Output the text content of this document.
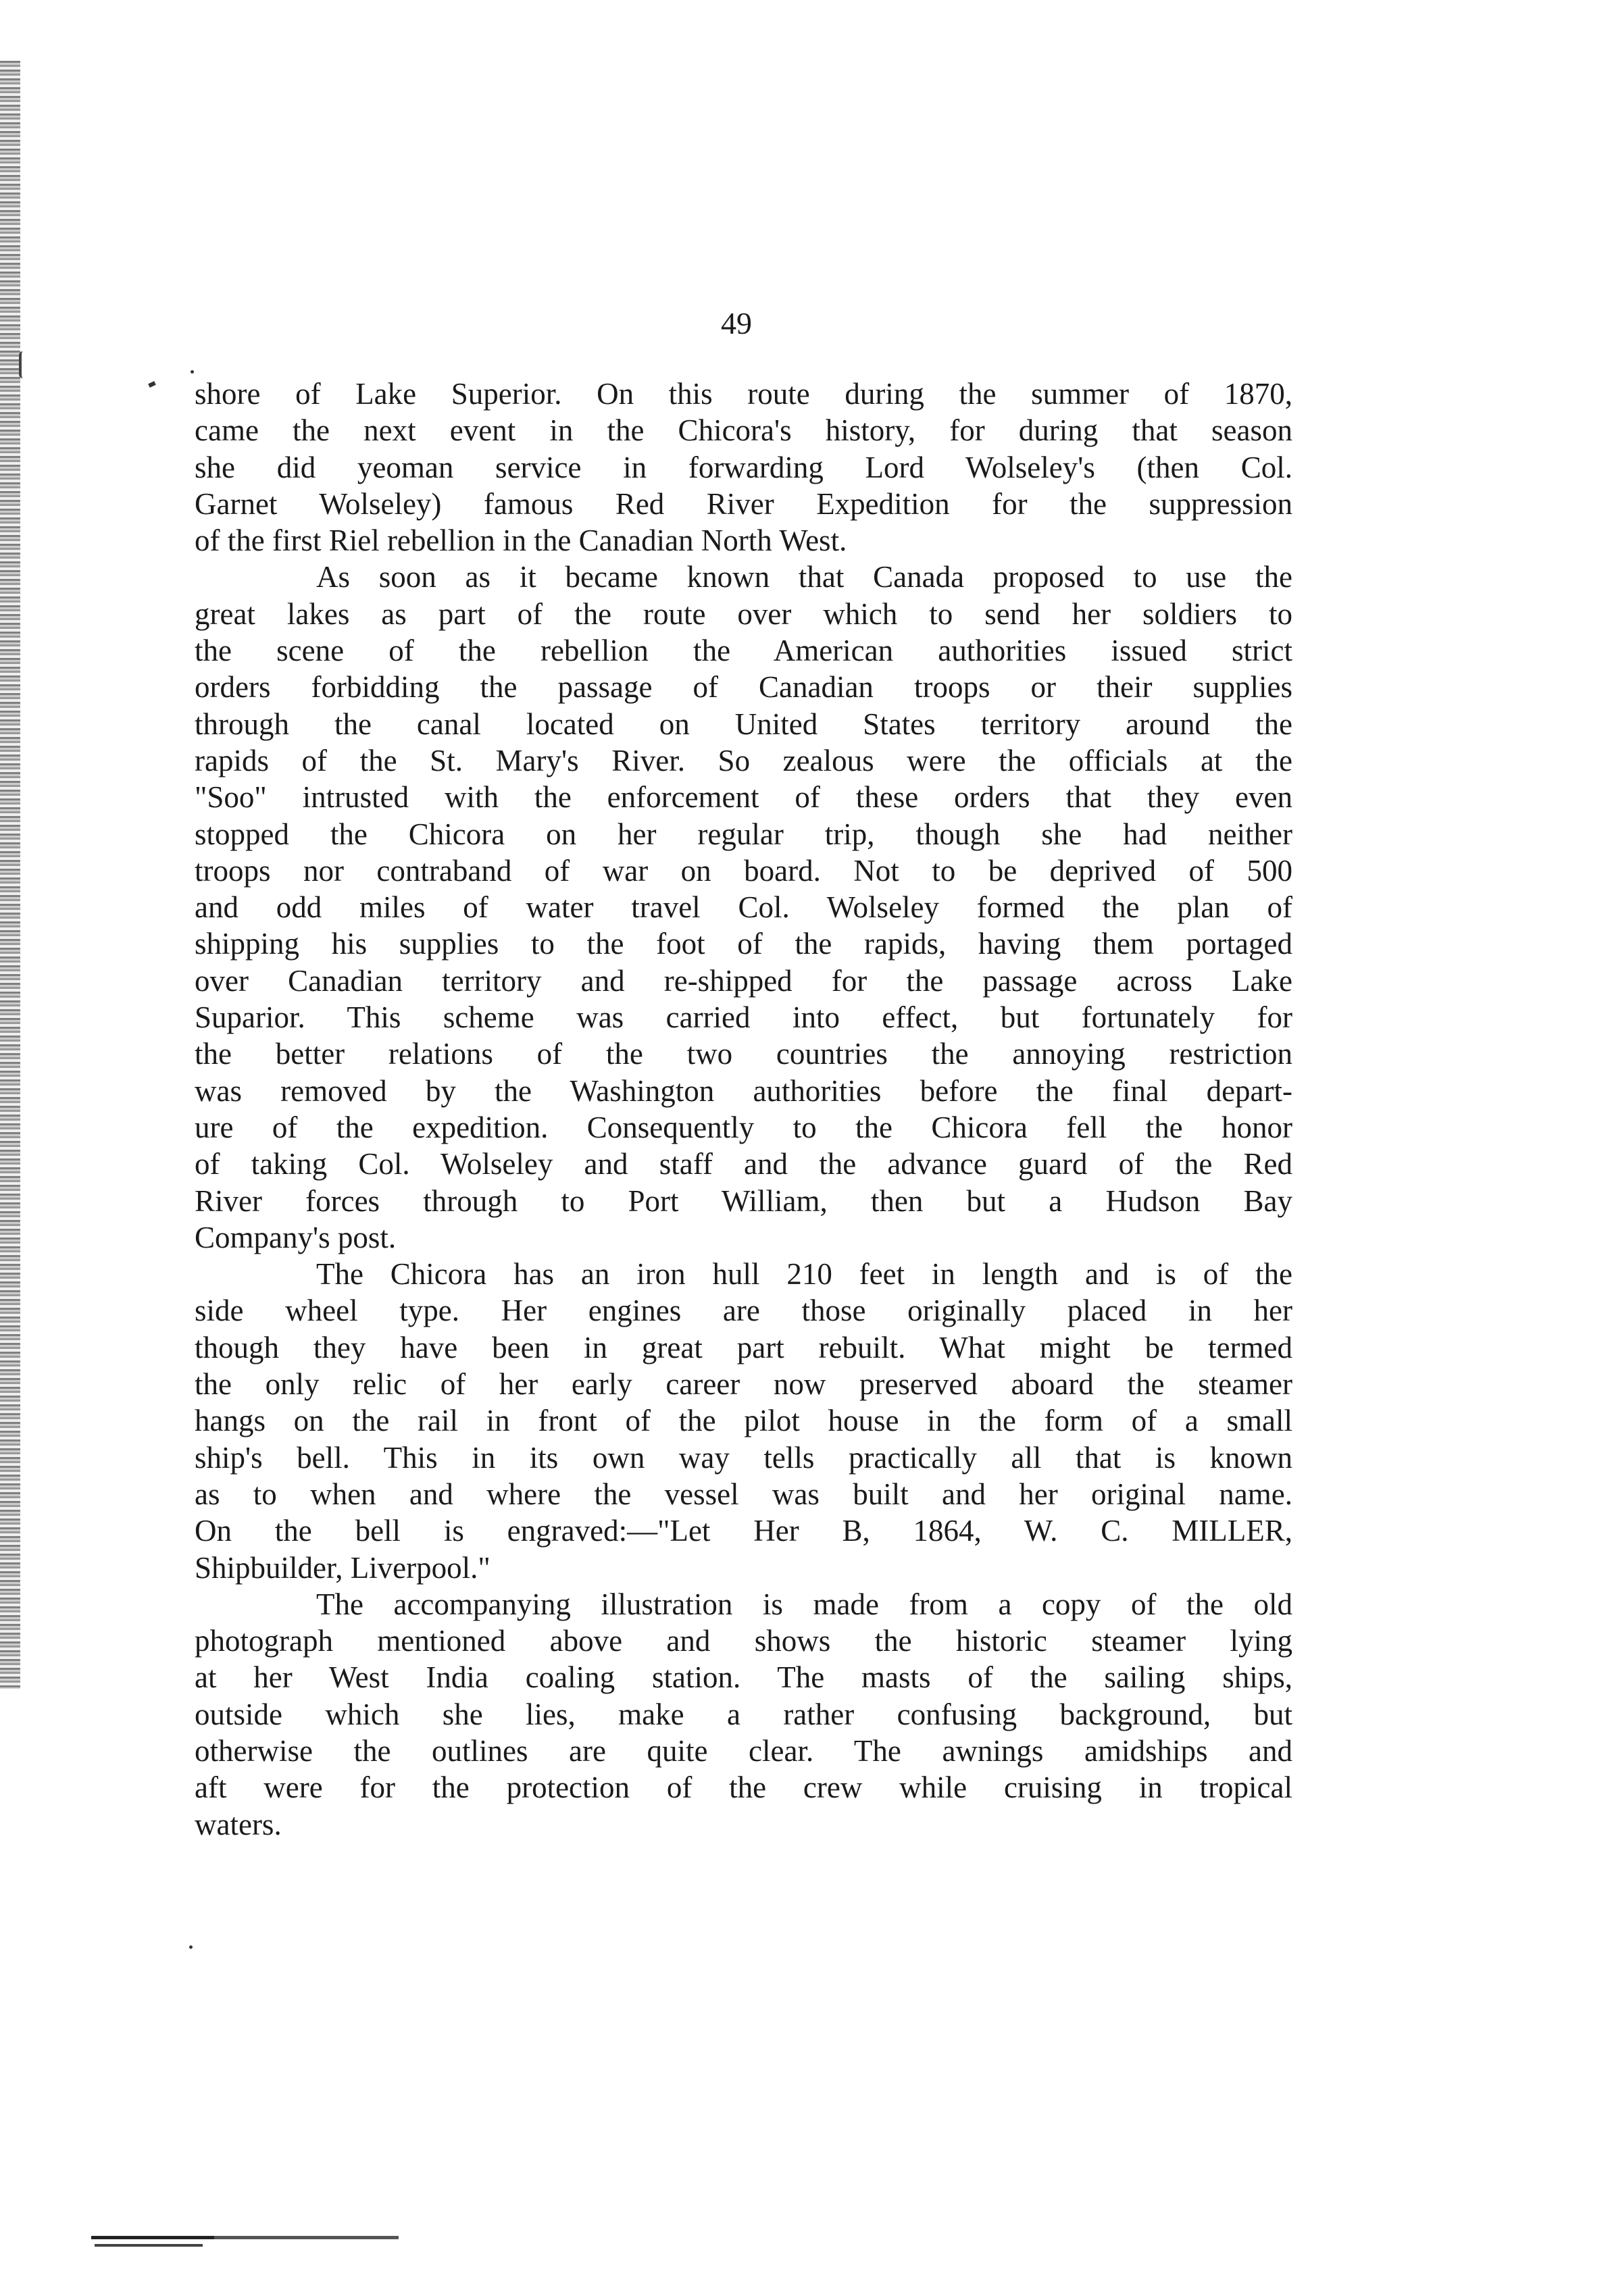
49

shore of Lake Superior. On this route during the summer of 1870,
came the next event in the Chicora's history, for during that season
she did yeoman service in forwarding Lord Wolseley's (then Col.
Garnet Wolseley) famous Red River Expedition for the suppression
of the first Riel rebellion in the Canadian North West.

As soon as it became known that Canada proposed to use the
great lakes as part of the route over which to send her soldiers to
the scene of the rebellion the American authorities issued strict
orders forbidding the passage of Canadian troops or their supplies
through the canal located on United States territory around the
rapids of the St. Mary's River. So zealous were the officials at the
"Soo" intrusted with the enforcement of these orders that they even
stopped the Chicora on her regular trip, though she had neither
troops nor contraband of war on board. Not to be deprived of 500
and odd miles of water travel Col. Wolseley formed the plan of
shipping his supplies to the foot of the rapids, having them portaged
over Canadian territory and re-shipped for the passage across Lake
Suparior. This scheme was carried into effect, but fortunately for
the better relations of the two countries the annoying restriction
was removed by the Washington authorities before the final depart-
ure of the expedition. Consequently to the Chicora fell the honor
of taking Col. Wolseley and staff and the advance guard of the Red
River forces through to Port William, then but a Hudson Bay
Company's post.

The Chicora has an iron hull 210 feet in length and is of the
side wheel type. Her engines are those originally placed in her
though they have been in great part rebuilt. What might be termed
the only relic of her early career now preserved aboard the steamer
hangs on the rail in front of the pilot house in the form of a small
ship's bell. This in its own way tells practically all that is known
as to when and where the vessel was built and her original name.
On the bell is engraved:—"Let Her B, 1864, W. C. MILLER,
Shipbuilder, Liverpool."

The accompanying illustration is made from a copy of the old
photograph mentioned above and shows the historic steamer lying
at her West India coaling station. The masts of the sailing ships,
outside which she lies, make a rather confusing background, but
otherwise the outlines are quite clear. The awnings amidships and
aft were for the protection of the crew while cruising in tropical
waters.
